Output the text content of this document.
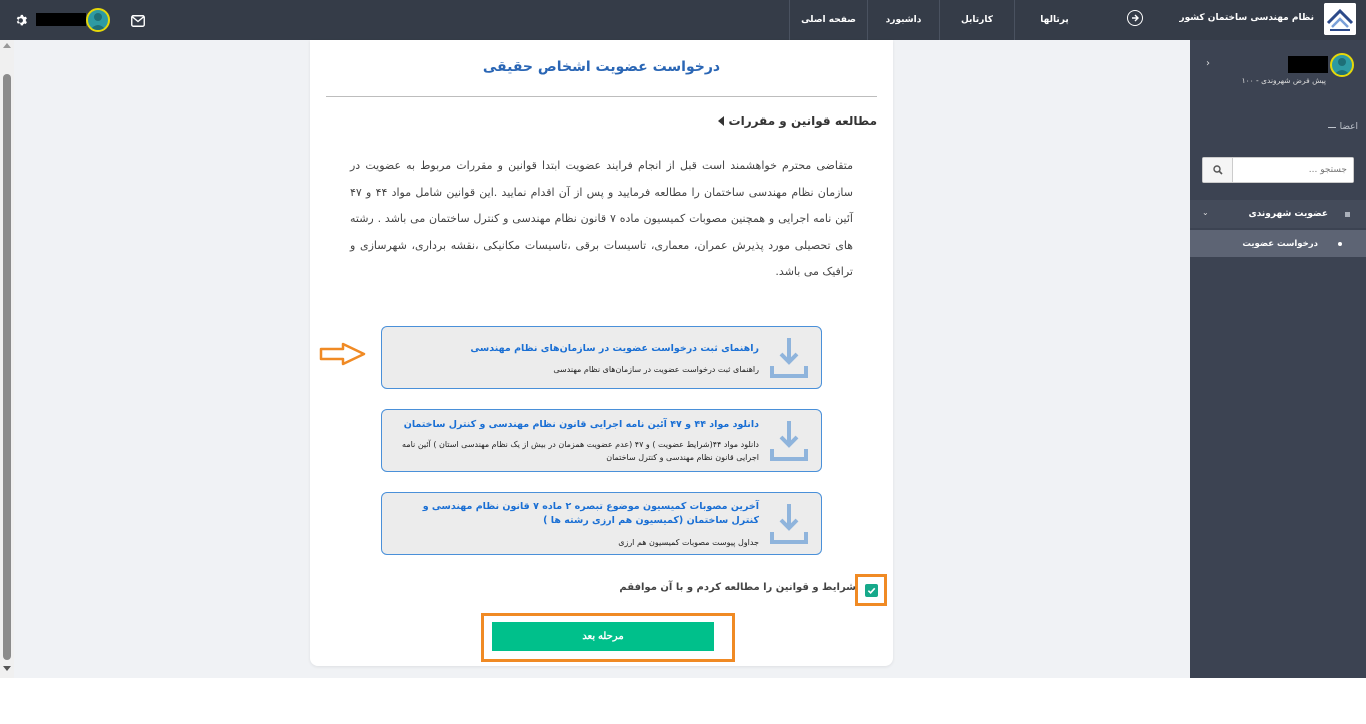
نظام مهندسی ساختمان کشور
پرتالها
کارتابل
داشبورد
صفحه اصلی
درخواست عضویت اشخاص حقیقی
مطالعه قوانین و مقررات

متقاضی محترم خواهشمند است قبل از انجام فرایند عضویت ابتدا قوانین و مقررات مربوط به عضویت در سازمان نظام مهندسی ساختمان را مطالعه فرمایید و پس از آن اقدام نمایید .این قوانین شامل مواد ۴۴ و ۴۷ آئین نامه اجرایی و همچنین مصوبات کمیسیون ماده ۷ قانون نظام مهندسی و کنترل ساختمان می باشد . رشته های تحصیلی مورد پذیرش عمران، معماری، تاسیسات برقی ،تاسیسات مکانیکی ،نقشه برداری، شهرسازی و ترافیک می باشد.

راهنمای ثبت درخواست عضویت در سازمان‌های نظام مهندسی
راهنمای ثبت درخواست عضویت در سازمان‌های نظام مهندسی
دانلود مواد ۴۴ و ۴۷ آئین نامه اجرایی قانون نظام مهندسی و کنترل ساختمان
دانلود مواد ۴۴(شرایط عضویت ) و ۴۷ (عدم عضویت همزمان در بیش از یک نظام مهندسی استان ) آئین نامه اجرایی قانون نظام مهندسی و کنترل ساختمان
آخرین مصوبات کمیسیون موضوع تبصره ۲ ماده ۷ قانون نظام مهندسی و کنترل ساختمان (کمیسیون هم ارزی رشته ها )
جداول پیوست مصوبات کمیسیون هم ارزی
شرایط و قوانین را مطالعه کردم و با آن موافقم
مرحله بعد
›
پیش فرض شهروندی - ۱۰۰
اعضا
جستجو ...
عضویت شهروندی
⌄
درخواست عضویت
